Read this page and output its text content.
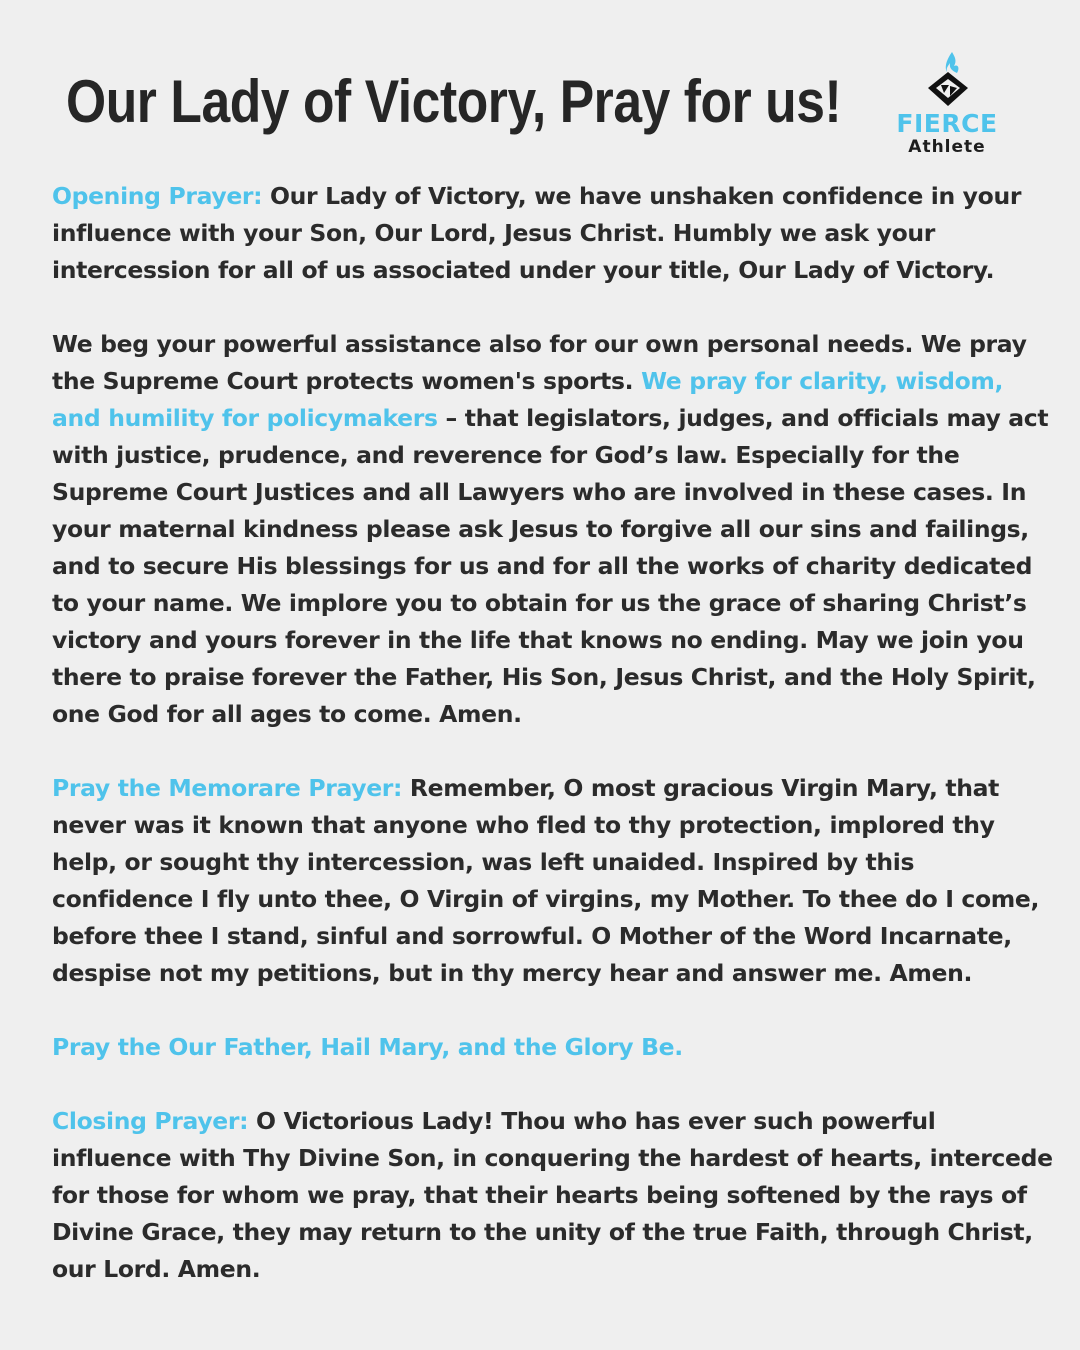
Our Lady of Victory, Pray for us!	FIERCE
Athlete

Opening Prayer: Our Lady of Victory, we have unshaken confidence in your influence with your Son, Our Lord, Jesus Christ. Humbly we ask your intercession for all of us associated under your title, Our Lady of Victory.

We beg your powerful assistance also for our own personal needs. We pray the Supreme Court protects women's sports. We pray for clarity, wisdom, and humility for policymakers – that legislators, judges, and officials may act with justice, prudence, and reverence for God’s law. Especially for the Supreme Court Justices and all Lawyers who are involved in these cases. In your maternal kindness please ask Jesus to forgive all our sins and failings, and to secure His blessings for us and for all the works of charity dedicated to your name. We implore you to obtain for us the grace of sharing Christ’s victory and yours forever in the life that knows no ending. May we join you there to praise forever the Father, His Son, Jesus Christ, and the Holy Spirit, one God for all ages to come. Amen.

Pray the Memorare Prayer: Remember, O most gracious Virgin Mary, that never was it known that anyone who fled to thy protection, implored thy help, or sought thy intercession, was left unaided. Inspired by this confidence I fly unto thee, O Virgin of virgins, my Mother. To thee do I come, before thee I stand, sinful and sorrowful. O Mother of the Word Incarnate, despise not my petitions, but in thy mercy hear and answer me. Amen.

Pray the Our Father, Hail Mary, and the Glory Be.

Closing Prayer: O Victorious Lady! Thou who has ever such powerful influence with Thy Divine Son, in conquering the hardest of hearts, intercede for those for whom we pray, that their hearts being softened by the rays of Divine Grace, they may return to the unity of the true Faith, through Christ, our Lord. Amen.
